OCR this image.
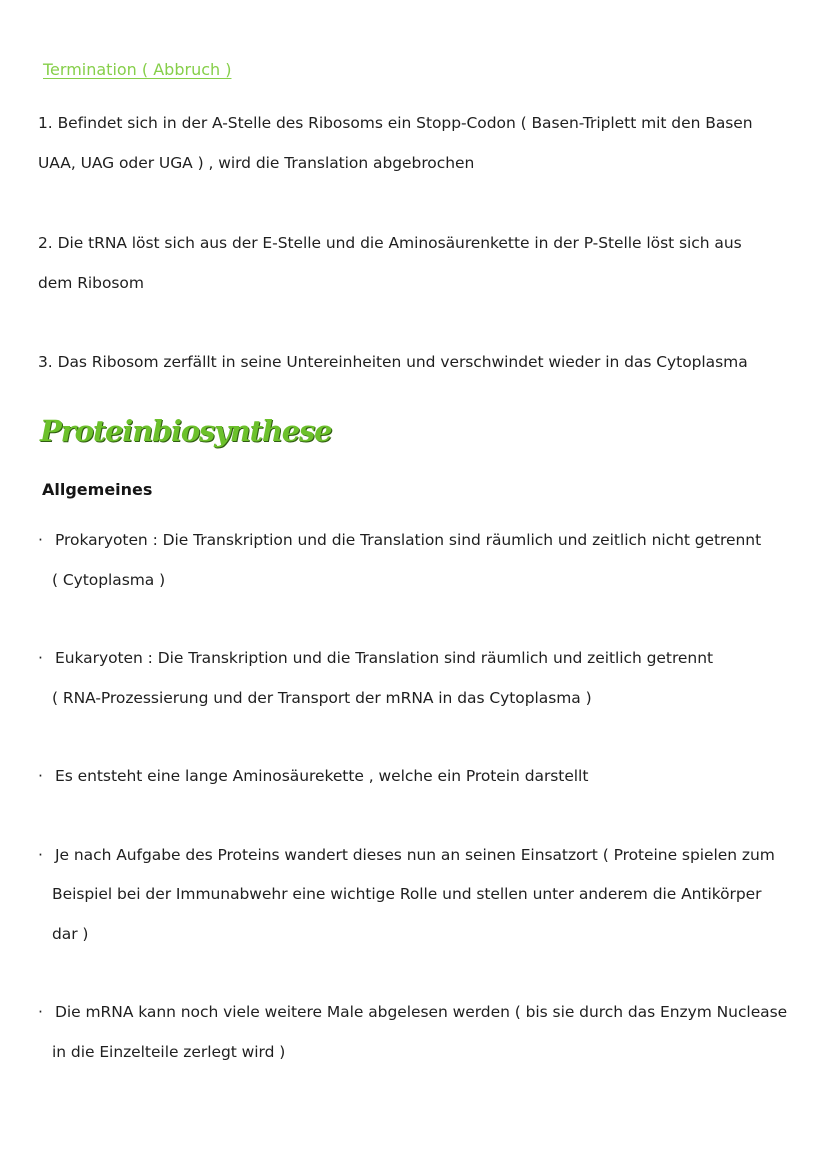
Termination ( Abbruch )
1. Befindet sich in der A-Stelle des Ribosoms ein Stopp-Codon ( Basen-Triplett mit den Basen
UAA, UAG oder UGA ) , wird die Translation abgebrochen
2. Die tRNA löst sich aus der E-Stelle und die Aminosäurenkette in der P-Stelle löst sich aus
dem Ribosom
3. Das Ribosom zerfällt in seine Untereinheiten und verschwindet wieder in das Cytoplasma
Proteinbiosynthese
Allgemeines
· Prokaryoten : Die Transkription und die Translation sind räumlich und zeitlich nicht getrennt
( Cytoplasma )
· Eukaryoten : Die Transkription und die Translation sind räumlich und zeitlich getrennt
( RNA-Prozessierung und der Transport der mRNA in das Cytoplasma )
· Es entsteht eine lange Aminosäurekette , welche ein Protein darstellt
· Je nach Aufgabe des Proteins wandert dieses nun an seinen Einsatzort ( Proteine spielen zum
Beispiel bei der Immunabwehr eine wichtige Rolle und stellen unter anderem die Antikörper
dar )
· Die mRNA kann noch viele weitere Male abgelesen werden ( bis sie durch das Enzym Nuclease
in die Einzelteile zerlegt wird )
